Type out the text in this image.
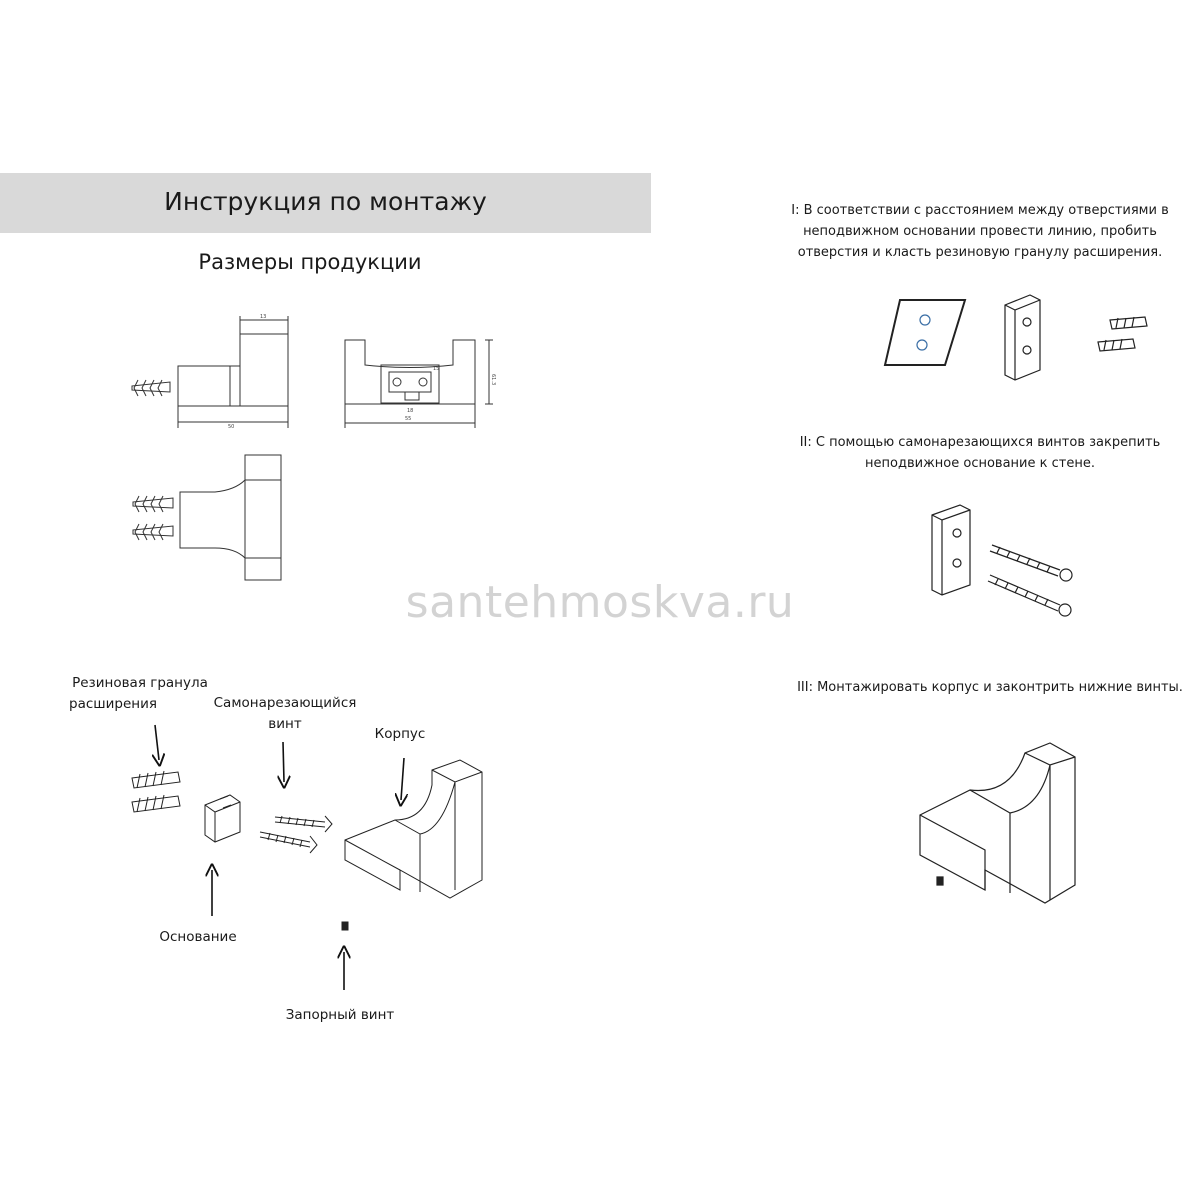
Инструкция по монтажу
Размеры продукции
santehmoskva.ru
13
50
55
18
15
61.3
Резиновая гранула
расширения	Самонарезающийся
винт
Корпус
Основание
Запорный винт
I: В соответствии с расстоянием между отверстиями в
неподвижном основании провести линию, пробить
отверстия и класть резиновую гранулу расширения.
II: С помощью самонарезающихся винтов закрепить
неподвижное основание к стене.
III: Монтажировать корпус и законтрить нижние винты.
